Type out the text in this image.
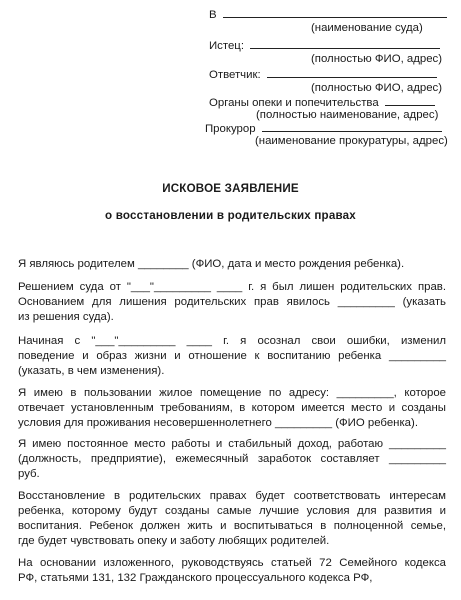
В
(наименование суда)
Истец:
(полностью ФИО, адрес)
Ответчик:
(полностью ФИО, адрес)
Органы опеки и попечительства
(полностью наименование, адрес)
Прокурор
(наименование прокуратуры, адрес)
ИСКОВОЕ ЗАЯВЛЕНИЕ
о восстановлении в родительских правах
Я являюсь родителем ________ (ФИО, дата и место рождения ребенка).
Решением суда от "___"_________ ____ г. я был лишен родительских прав.
Основанием для лишения родительских прав явилось _________ (указать
из решения суда).
Начиная с "___"_________ ____ г. я осознал свои ошибки, изменил
поведение и образ жизни и отношение к воспитанию ребенка _________
(указать, в чем изменения).
Я имею в пользовании жилое помещение по адресу: _________, которое
отвечает установленным требованиям, в котором имеется место и созданы
условия для проживания несовершеннолетнего _________ (ФИО ребенка).
Я имею постоянное место работы и стабильный доход, работаю _________
(должность, предприятие), ежемесячный заработок составляет _________
руб.
Восстановление в родительских правах будет соответствовать интересам
ребенка, которому будут созданы самые лучшие условия для развития и
воспитания. Ребенок должен жить и воспитываться в полноценной семье,
где будет чувствовать опеку и заботу любящих родителей.
На основании изложенного, руководствуясь статьей 72 Семейного кодекса
РФ, статьями 131, 132 Гражданского процессуального кодекса РФ,
